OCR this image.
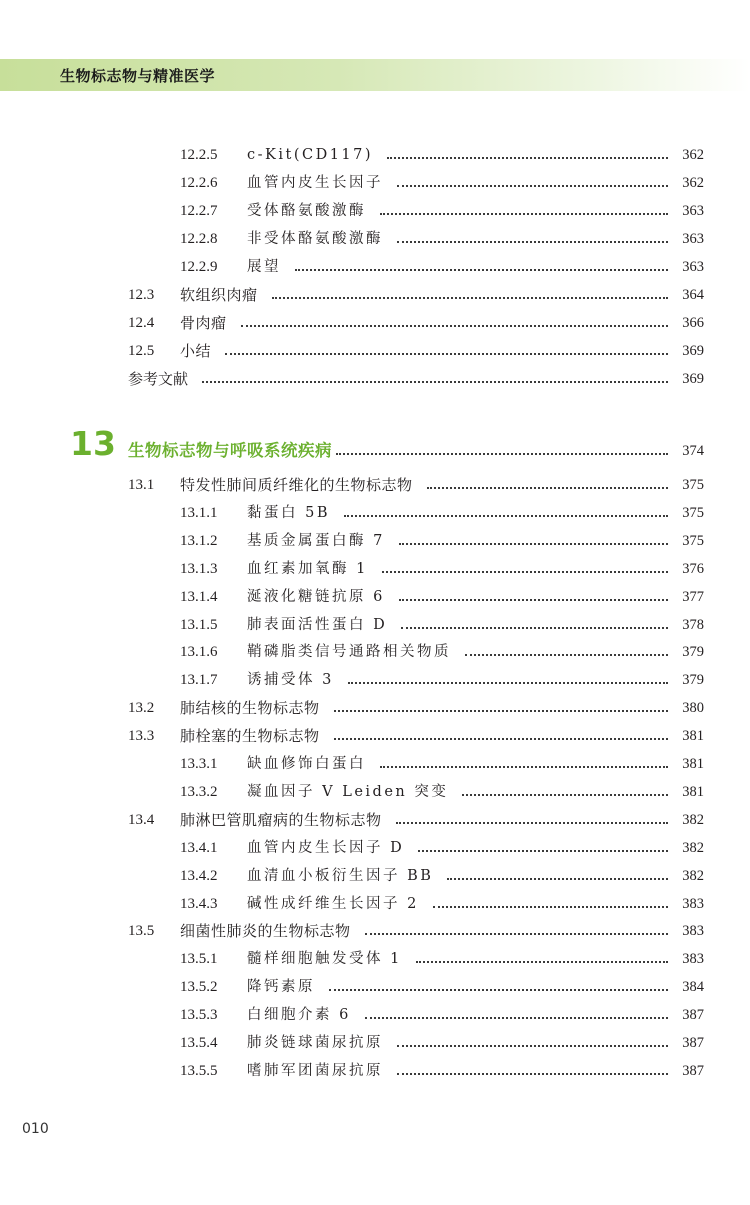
生物标志物与精准医学
12.2.5 c-Kit(CD117)	362
12.2.6 血管内皮生长因子	362
12.2.7 受体酪氨酸激酶	363
12.2.8 非受体酪氨酸激酶	363
12.2.9 展望	363
12.3 软组织肉瘤	364
12.4 骨肉瘤	366
12.5 小结	369
参考文献	369
13 生物标志物与呼吸系统疾病	374
13.1 特发性肺间质纤维化的生物标志物	375
13.1.1 黏蛋白 5B	375
13.1.2 基质金属蛋白酶 7	375
13.1.3 血红素加氧酶 1	376
13.1.4 涎液化糖链抗原 6	377
13.1.5 肺表面活性蛋白 D	378
13.1.6 鞘磷脂类信号通路相关物质	379
13.1.7 诱捕受体 3	379
13.2 肺结核的生物标志物	380
13.3 肺栓塞的生物标志物	381
13.3.1 缺血修饰白蛋白	381
13.3.2 凝血因子 V Leiden 突变	381
13.4 肺淋巴管肌瘤病的生物标志物	382
13.4.1 血管内皮生长因子 D	382
13.4.2 血清血小板衍生因子 BB	382
13.4.3 碱性成纤维生长因子 2	383
13.5 细菌性肺炎的生物标志物	383
13.5.1 髓样细胞触发受体 1	383
13.5.2 降钙素原	384
13.5.3 白细胞介素 6	387
13.5.4 肺炎链球菌尿抗原	387
13.5.5 嗜肺军团菌尿抗原	387
010
